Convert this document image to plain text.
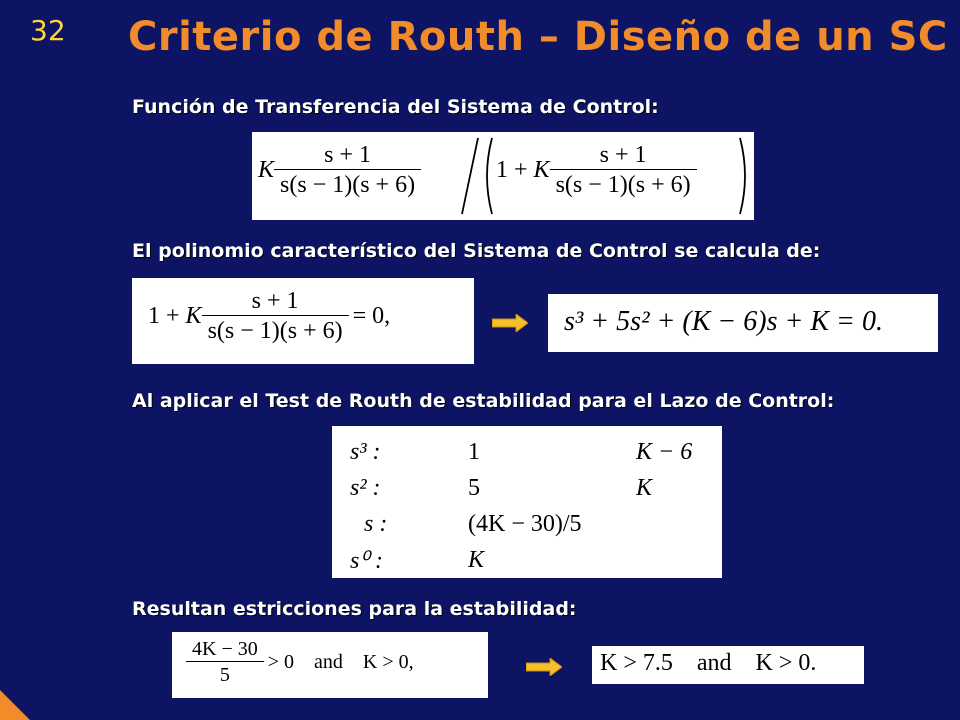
32 Criterio de Routh – Diseño de un SC
Función de Transferencia del Sistema de Control:
K $\frac{s + 1}{s(s - 1)(s + 6)}$	1 + K $\frac{s + 1}{s(s - 1)(s + 6)}$
El polinomio característico del Sistema de Control se calcula de:
1 + K $\frac{s + 1}{s(s - 1)(s + 6)} = 0$,	s³ + 5s² + (K − 6)s + K = 0.
Al aplicar el Test de Routh de estabilidad para el Lazo de Control:
s³ :	1	K − 6
s² :	5	K
s :	(4K − 30)/5	
s⁰ :	K	
Resultan estricciones para la estabilidad:
$\frac{4K - 30}{5} > 0$    and    K > 0,	K > 7.5    and    K > 0.
